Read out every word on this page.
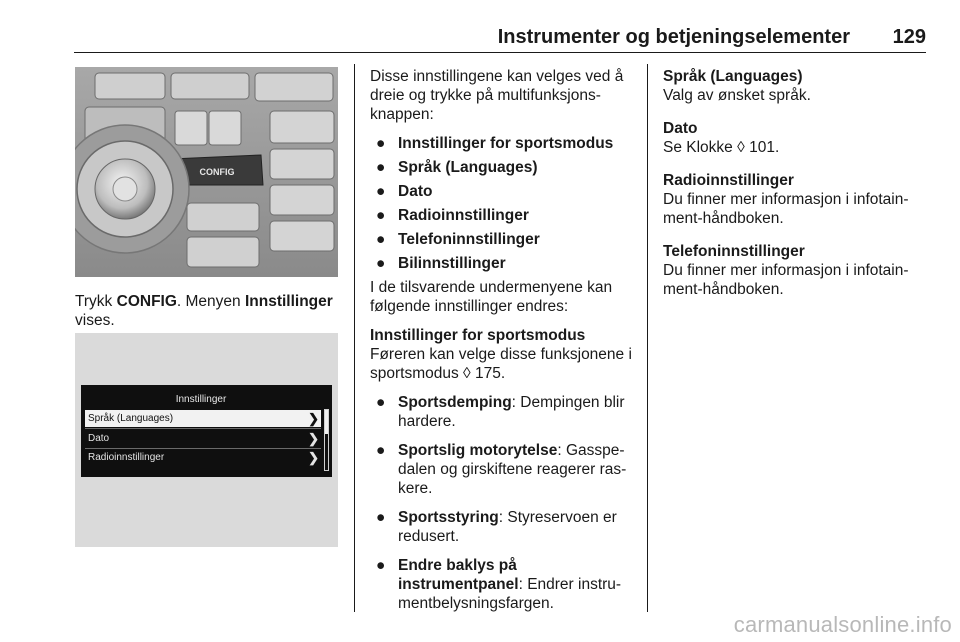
Instrumenter og betjeningselementer 129
CONFIG

Trykk CONFIG. Menyen Innstillinger vises.

Innstillinger
Språk (Languages)	❯
Dato	❯
Radioinnstillinger	❯

Disse innstillingene kan velges ved å dreie og trykke på multifunksjons-knappen:

● Innstillinger for sportsmodus
● Språk (Languages)
● Dato
● Radioinnstillinger
● Telefoninnstillinger
● Bilinnstillinger

I de tilsvarende undermenyene kan følgende innstillinger endres:

Innstillinger for sportsmodus

Føreren kan velge disse funksjonene i sportsmodus ◊ 175.

● Sportsdemping: Dempingen blir hardere.
● Sportslig motorytelse: Gasspe-dalen og girskiftene reagerer ras-kere.
● Sportsstyring: Styreservoen er redusert.
● Endre baklys på instrumentpanel: Endrer instru-mentbelysningsfargen.

Språk (Languages)
Valg av ønsket språk.

Dato
Se Klokke ◊ 101.

Radioinnstillinger
Du finner mer informasjon i infotain-ment-håndboken.

Telefoninnstillinger
Du finner mer informasjon i infotain-ment-håndboken.

carmanualsonline.info
